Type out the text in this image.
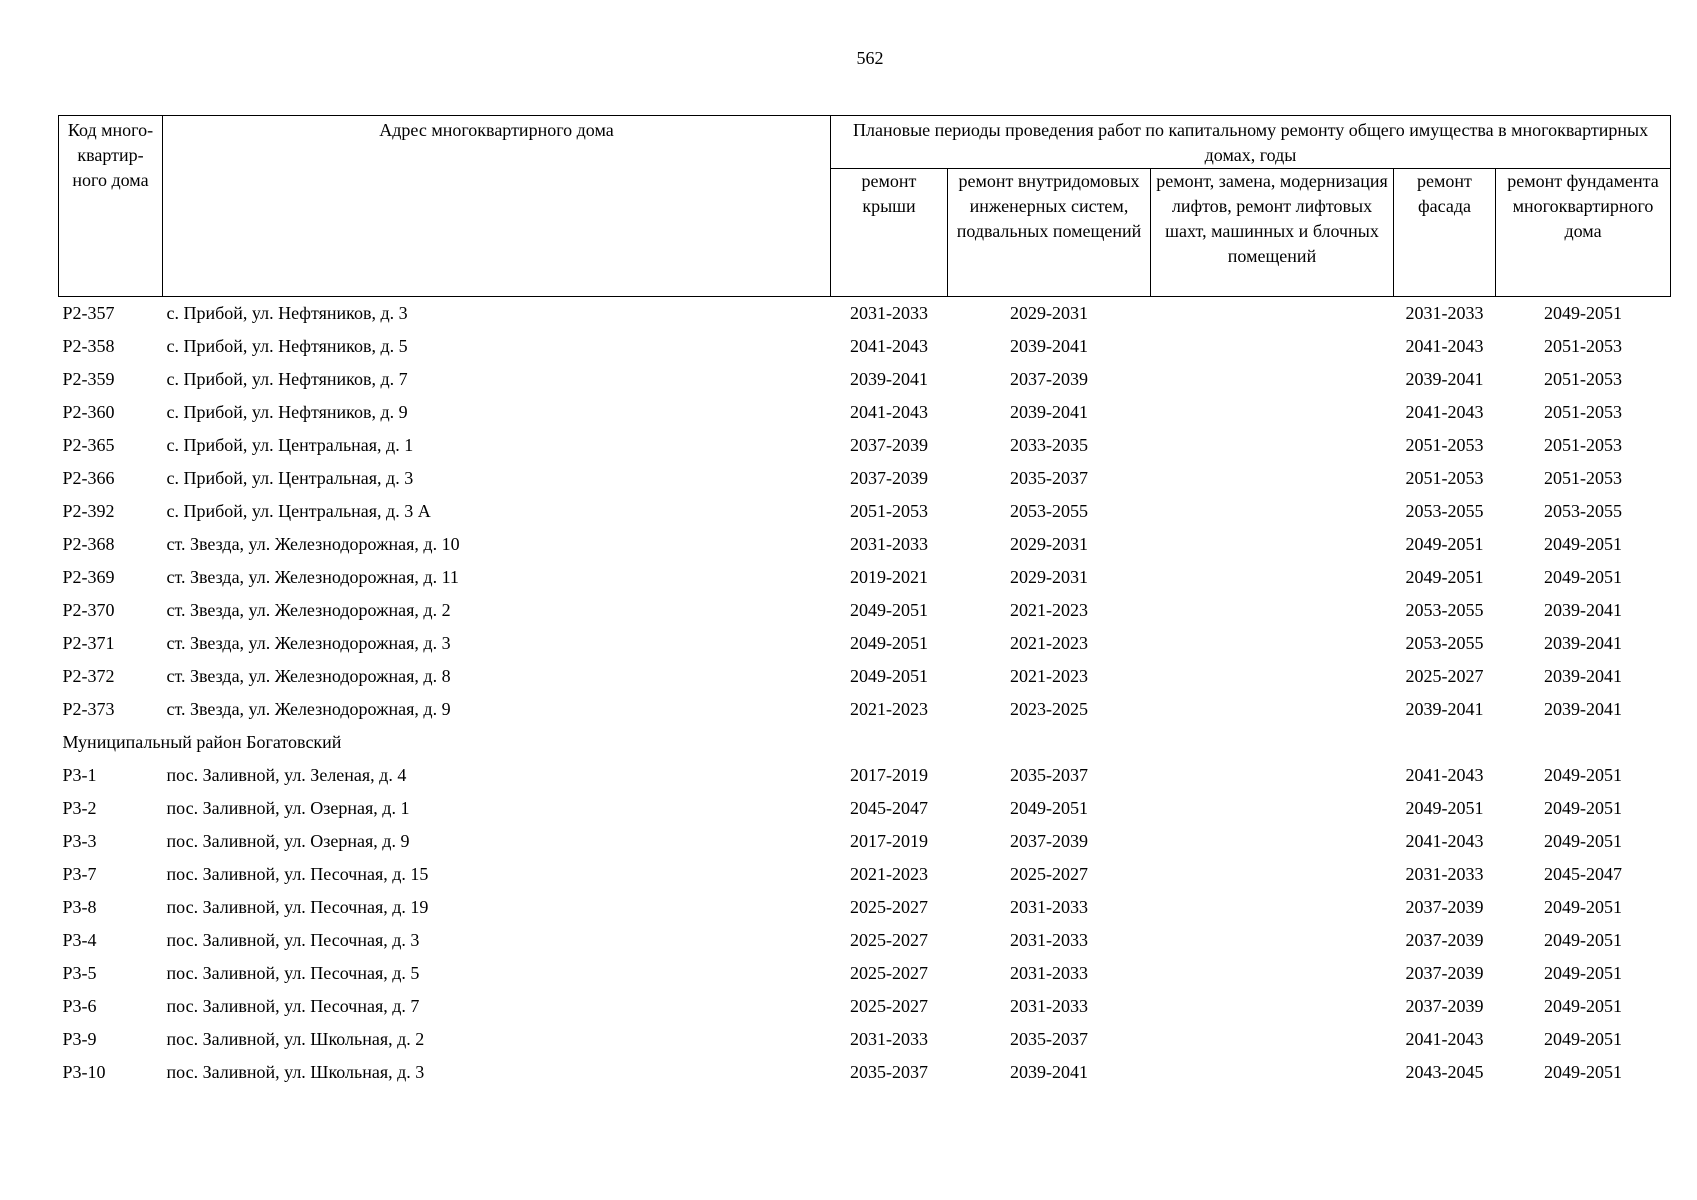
562
Код много-квартир-ного дома	Адрес многоквартирного дома	Плановые периоды проведения работ по капитальному ремонту общего имущества в многоквартирных домах, годы				
		ремонт крыши	ремонт внутридомовых инженерных систем, подвальных помещений	ремонт, замена, модернизация лифтов, ремонт лифтовых шахт, машинных и блочных помещений	ремонт фасада	ремонт фундамента многоквартирного дома
Р2-357	с. Прибой, ул. Нефтяников, д. 3	2031-2033	2029-2031		2031-2033	2049-2051
Р2-358	с. Прибой, ул. Нефтяников, д. 5	2041-2043	2039-2041		2041-2043	2051-2053
Р2-359	с. Прибой, ул. Нефтяников, д. 7	2039-2041	2037-2039		2039-2041	2051-2053
Р2-360	с. Прибой, ул. Нефтяников, д. 9	2041-2043	2039-2041		2041-2043	2051-2053
Р2-365	с. Прибой, ул. Центральная, д. 1	2037-2039	2033-2035		2051-2053	2051-2053
Р2-366	с. Прибой, ул. Центральная, д. 3	2037-2039	2035-2037		2051-2053	2051-2053
Р2-392	с. Прибой, ул. Центральная, д. 3 А	2051-2053	2053-2055		2053-2055	2053-2055
Р2-368	ст. Звезда, ул. Железнодорожная, д. 10	2031-2033	2029-2031		2049-2051	2049-2051
Р2-369	ст. Звезда, ул. Железнодорожная, д. 11	2019-2021	2029-2031		2049-2051	2049-2051
Р2-370	ст. Звезда, ул. Железнодорожная, д. 2	2049-2051	2021-2023		2053-2055	2039-2041
Р2-371	ст. Звезда, ул. Железнодорожная, д. 3	2049-2051	2021-2023		2053-2055	2039-2041
Р2-372	ст. Звезда, ул. Железнодорожная, д. 8	2049-2051	2021-2023		2025-2027	2039-2041
Р2-373	ст. Звезда, ул. Железнодорожная, д. 9	2021-2023	2023-2025		2039-2041	2039-2041
Муниципальный район Богатовский						
Р3-1	пос. Заливной, ул. Зеленая, д. 4	2017-2019	2035-2037		2041-2043	2049-2051
Р3-2	пос. Заливной, ул. Озерная, д. 1	2045-2047	2049-2051		2049-2051	2049-2051
Р3-3	пос. Заливной, ул. Озерная, д. 9	2017-2019	2037-2039		2041-2043	2049-2051
Р3-7	пос. Заливной, ул. Песочная, д. 15	2021-2023	2025-2027		2031-2033	2045-2047
Р3-8	пос. Заливной, ул. Песочная, д. 19	2025-2027	2031-2033		2037-2039	2049-2051
Р3-4	пос. Заливной, ул. Песочная, д. 3	2025-2027	2031-2033		2037-2039	2049-2051
Р3-5	пос. Заливной, ул. Песочная, д. 5	2025-2027	2031-2033		2037-2039	2049-2051
Р3-6	пос. Заливной, ул. Песочная, д. 7	2025-2027	2031-2033		2037-2039	2049-2051
Р3-9	пос. Заливной, ул. Школьная, д. 2	2031-2033	2035-2037		2041-2043	2049-2051
Р3-10	пос. Заливной, ул. Школьная, д. 3	2035-2037	2039-2041		2043-2045	2049-2051
